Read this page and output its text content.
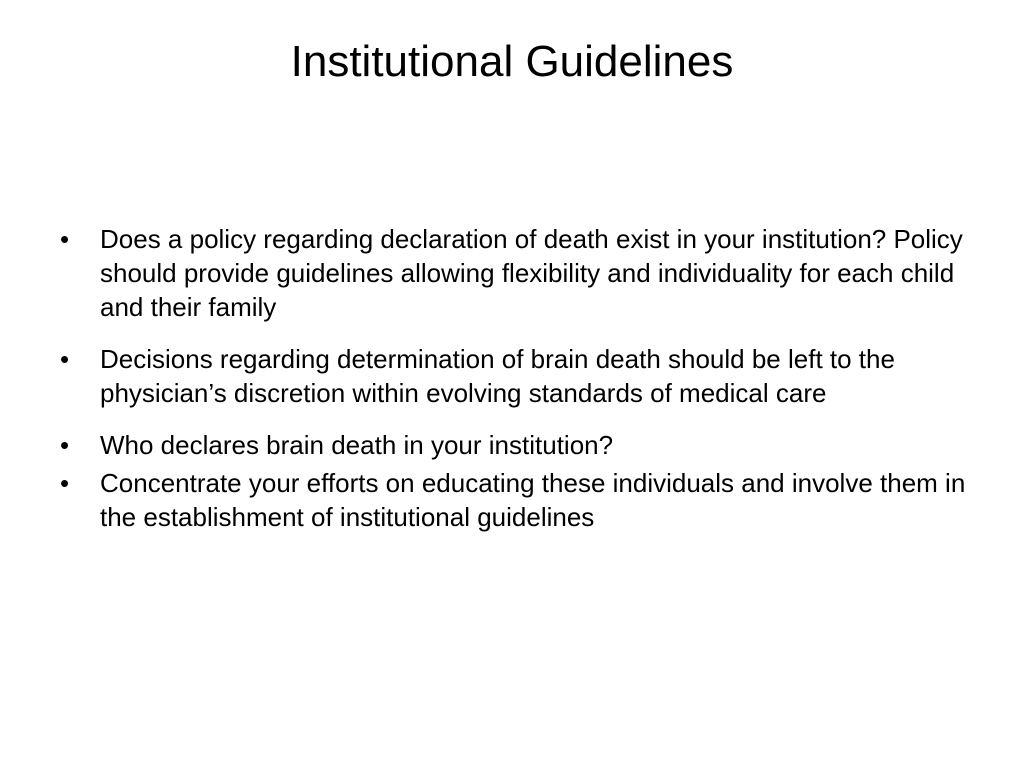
Institutional Guidelines
•	Does a policy regarding declaration of death exist in your institution? Policy should provide guidelines allowing flexibility and individuality for each child and their family
•	Decisions regarding determination of brain death should be left to the physician’s discretion within evolving standards of medical care
•	Who declares brain death in your institution?
•	Concentrate your efforts on educating these individuals and involve them in the establishment of institutional guidelines
